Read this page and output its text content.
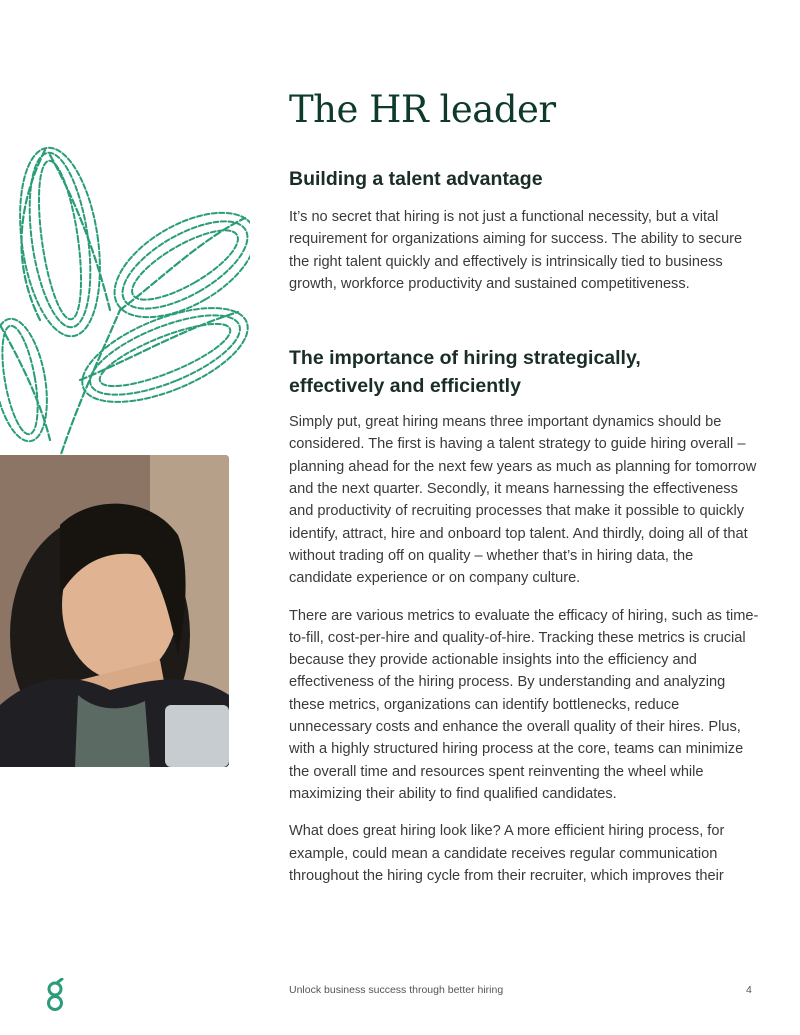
The HR leader
Building a talent advantage

It’s no secret that hiring is not just a functional necessity, but a vital requirement for organizations aiming for success. The ability to secure the right talent quickly and effectively is intrinsically tied to business growth, workforce productivity and sustained competitiveness.

The importance of hiring strategically, effectively and efficiently

Simply put, great hiring means three important dynamics should be considered. The first is having a talent strategy to guide hiring overall – planning ahead for the next few years as much as planning for tomorrow and the next quarter. Secondly, it means harnessing the effectiveness and productivity of recruiting processes that make it possible to quickly identify, attract, hire and onboard top talent. And thirdly, doing all of that without trading off on quality – whether that’s in hiring data, the candidate experience or on company culture.

There are various metrics to evaluate the efficacy of hiring, such as time-to-fill, cost-per-hire and quality-of-hire. Tracking these metrics is crucial because they provide actionable insights into the efficiency and effectiveness of the hiring process. By understanding and analyzing these metrics, organizations can identify bottlenecks, reduce unnecessary costs and enhance the overall quality of their hires. Plus, with a highly structured hiring process at the core, teams can minimize the overall time and resources spent reinventing the wheel while maximizing their ability to find qualified candidates.

What does great hiring look like? A more efficient hiring process, for example, could mean a candidate receives regular communication throughout the hiring cycle from their recruiter, which improves their

Unlock business success through better hiring	4
